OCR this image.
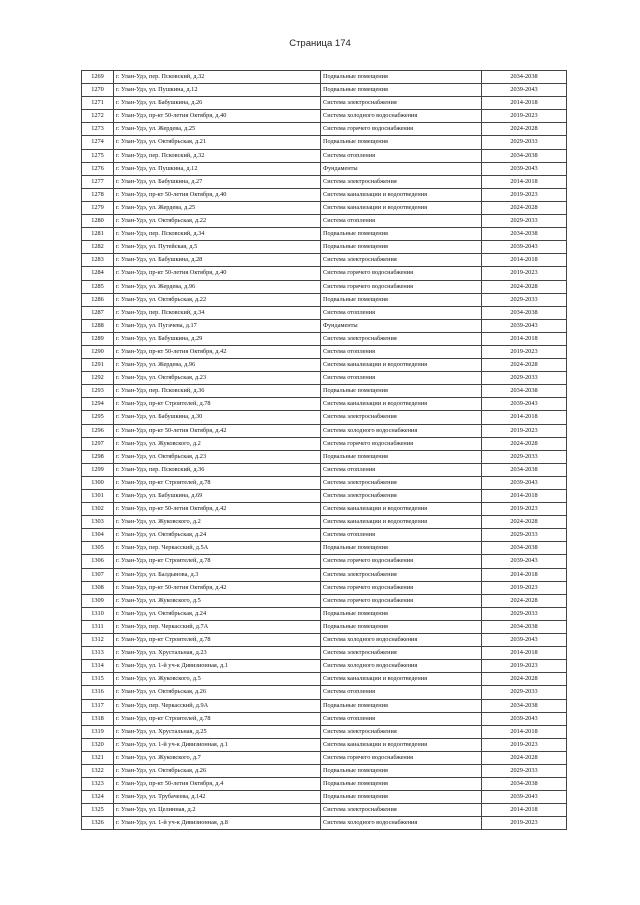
Страница 174
1269	г. Улан-Удэ, пер. Псковский, д.32	Подвальные помещения	2034-2038
1270	г. Улан-Удэ, ул. Пушкина, д.12	Подвальные помещения	2039-2043
1271	г. Улан-Удэ, ул. Бабушкина, д.26	Система электроснабжения	2014-2018
1272	г. Улан-Удэ, пр-кт 50-летия Октября, д.40	Система холодного водоснабжения	2019-2023
1273	г. Улан-Удэ, ул. Жердева, д.25	Система горячего водоснабжения	2024-2028
1274	г. Улан-Удэ, ул. Октябрьская, д.21	Подвальные помещения	2029-2033
1275	г. Улан-Удэ, пер. Псковский, д.32	Система отопления	2034-2038
1276	г. Улан-Удэ, ул. Пушкина, д.12	Фундаменты	2039-2043
1277	г. Улан-Удэ, ул. Бабушкина, д.27	Система электроснабжения	2014-2018
1278	г. Улан-Удэ, пр-кт 50-летия Октября, д.40	Система канализации и водоотведения	2019-2023
1279	г. Улан-Удэ, ул. Жердева, д.25	Система канализации и водоотведения	2024-2028
1280	г. Улан-Удэ, ул. Октябрьская, д.22	Система отопления	2029-2033
1281	г. Улан-Удэ, пер. Псковский, д.34	Подвальные помещения	2034-2038
1282	г. Улан-Удэ, ул. Путейская, д.5	Подвальные помещения	2039-2043
1283	г. Улан-Удэ, ул. Бабушкина, д.28	Система электроснабжения	2014-2018
1284	г. Улан-Удэ, пр-кт 50-летия Октября, д.40	Система горячего водоснабжения	2019-2023
1285	г. Улан-Удэ, ул. Жердева, д.96	Система горячего водоснабжения	2024-2028
1286	г. Улан-Удэ, ул. Октябрьская, д.22	Подвальные помещения	2029-2033
1287	г. Улан-Удэ, пер. Псковский, д.34	Система отопления	2034-2038
1288	г. Улан-Удэ, ул. Пугачева, д.17	Фундаменты	2039-2043
1289	г. Улан-Удэ, ул. Бабушкина, д.29	Система электроснабжения	2014-2018
1290	г. Улан-Удэ, пр-кт 50-летия Октября, д.42	Система отопления	2019-2023
1291	г. Улан-Удэ, ул. Жердева, д.96	Система канализации и водоотведения	2024-2028
1292	г. Улан-Удэ, ул. Октябрьская, д.23	Система отопления	2029-2033
1293	г. Улан-Удэ, пер. Псковский, д.36	Подвальные помещения	2034-2038
1294	г. Улан-Удэ, пр-кт Строителей, д.78	Система канализации и водоотведения	2039-2043
1295	г. Улан-Удэ, ул. Бабушкина, д.30	Система электроснабжения	2014-2018
1296	г. Улан-Удэ, пр-кт 50-летия Октября, д.42	Система холодного водоснабжения	2019-2023
1297	г. Улан-Удэ, ул. Жуковского, д.2	Система горячего водоснабжения	2024-2028
1298	г. Улан-Удэ, ул. Октябрьская, д.23	Подвальные помещения	2029-2033
1299	г. Улан-Удэ, пер. Псковский, д.36	Система отопления	2034-2038
1300	г. Улан-Удэ, пр-кт Строителей, д.78	Система электроснабжения	2039-2043
1301	г. Улан-Удэ, ул. Бабушкина, д.69	Система электроснабжения	2014-2018
1302	г. Улан-Удэ, пр-кт 50-летия Октября, д.42	Система канализации и водоотведения	2019-2023
1303	г. Улан-Удэ, ул. Жуковского, д.2	Система канализации и водоотведения	2024-2028
1304	г. Улан-Удэ, ул. Октябрьская, д.24	Система отопления	2029-2033
1305	г. Улан-Удэ, пер. Черкасский, д.5А	Подвальные помещения	2034-2038
1306	г. Улан-Удэ, пр-кт Строителей, д.78	Система горячего водоснабжения	2039-2043
1307	г. Улан-Удэ, ул. Балдынова, д.3	Система электроснабжения	2014-2018
1308	г. Улан-Удэ, пр-кт 50-летия Октября, д.42	Система горячего водоснабжения	2019-2023
1309	г. Улан-Удэ, ул. Жуковского, д.5	Система горячего водоснабжения	2024-2028
1310	г. Улан-Удэ, ул. Октябрьская, д.24	Подвальные помещения	2029-2033
1311	г. Улан-Удэ, пер. Черкасский, д.7А	Подвальные помещения	2034-2038
1312	г. Улан-Удэ, пр-кт Строителей, д.78	Система холодного водоснабжения	2039-2043
1313	г. Улан-Удэ, ул. Хрустальная, д.23	Система электроснабжения	2014-2018
1314	г. Улан-Удэ, ул. 1-й уч-к Дивизионная, д.1	Система холодного водоснабжения	2019-2023
1315	г. Улан-Удэ, ул. Жуковского, д.5	Система канализации и водоотведения	2024-2028
1316	г. Улан-Удэ, ул. Октябрьская, д.26	Система отопления	2029-2033
1317	г. Улан-Удэ, пер. Черкасский, д.9А	Подвальные помещения	2034-2038
1318	г. Улан-Удэ, пр-кт Строителей, д.78	Система отопления	2039-2043
1319	г. Улан-Удэ, ул. Хрустальная, д.25	Система электроснабжения	2014-2018
1320	г. Улан-Удэ, ул. 1-й уч-к Дивизионная, д.1	Система канализации и водоотведения	2019-2023
1321	г. Улан-Удэ, ул. Жуковского, д.7	Система горячего водоснабжения	2024-2028
1322	г. Улан-Удэ, ул. Октябрьская, д.26	Подвальные помещения	2029-2033
1323	г. Улан-Удэ, пр-кт 50-летия Октября, д.4	Подвальные помещения	2034-2038
1324	г. Улан-Удэ, ул. Трубачеева, д.142	Подвальные помещения	2039-2043
1325	г. Улан-Удэ, ул. Целинная, д.2	Система электроснабжения	2014-2018
1326	г. Улан-Удэ, ул. 1-й уч-к Дивизионная, д.8	Система холодного водоснабжения	2019-2023
